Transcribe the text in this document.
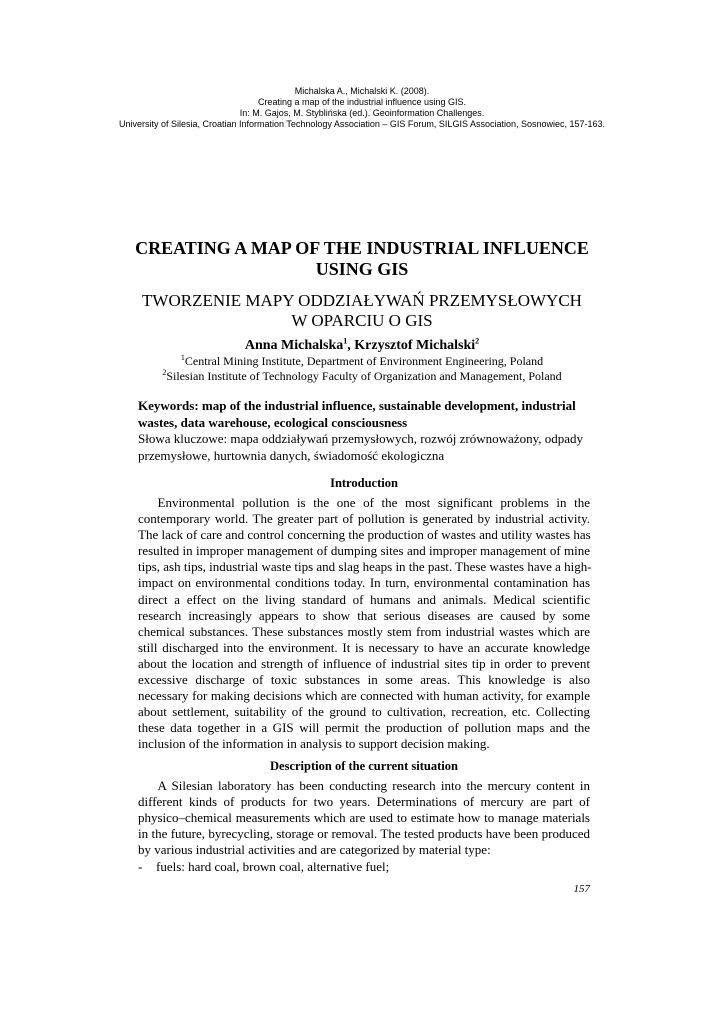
Michalska A., Michalski K. (2008).
Creating a map of the industrial influence using GIS.
In: M. Gajos, M. Styblińska (ed.). Geoinformation Challenges.
University of Silesia, Croatian Information Technology Association – GIS Forum, SILGIS Association, Sosnowiec, 157-163.
CREATING A MAP OF THE INDUSTRIAL INFLUENCE
USING GIS
TWORZENIE MAPY ODDZIAŁYWAŃ PRZEMYSŁOWYCH
W OPARCIU O GIS
Anna Michalska$^1$, Krzysztof Michalski$^2$
$^1$Central Mining Institute, Department of Environment Engineering, Poland
$^2$Silesian Institute of Technology Faculty of Organization and Management, Poland
Keywords: map of the industrial influence, sustainable development, industrial wastes, data warehouse, ecological consciousness
Słowa kluczowe: mapa oddziaływań przemysłowych, rozwój zrównoważony, odpady przemysłowe, hurtownia danych, świadomość ekologiczna
Introduction
  Environmental pollution is the one of the most significant problems in the
contemporary world. The greater part of pollution is generated by industrial activity.
The lack of care and control concerning the production of wastes and utility wastes has
resulted in improper management of dumping sites and improper management of mine
tips, ash tips, industrial waste tips and slag heaps in the past. These wastes have a high-
impact on environmental conditions today. In turn, environmental contamination has
direct a effect on the living standard of humans and animals. Medical scientific
research increasingly appears to show that serious diseases are caused by some
chemical substances. These substances mostly stem from industrial wastes which are
still discharged into the environment. It is necessary to have an accurate knowledge
about the location and strength of influence of industrial sites tip in order to prevent
excessive discharge of toxic substances in some areas. This knowledge is also
necessary for making decisions which are connected with human activity, for example
about settlement, suitability of the ground to cultivation, recreation, etc. Collecting
these data together in a GIS will permit the production of pollution maps and the
inclusion of the information in analysis to support decision making.
Description of the current situation
  A Silesian laboratory has been conducting research into the mercury content in
different kinds of products for two years. Determinations of mercury are part of
physico–chemical measurements which are used to estimate how to manage materials
in the future, byrecycling, storage or removal. The tested products have been produced
by various industrial activities and are categorized by material type:
- fuels: hard coal, brown coal, alternative fuel;
157
